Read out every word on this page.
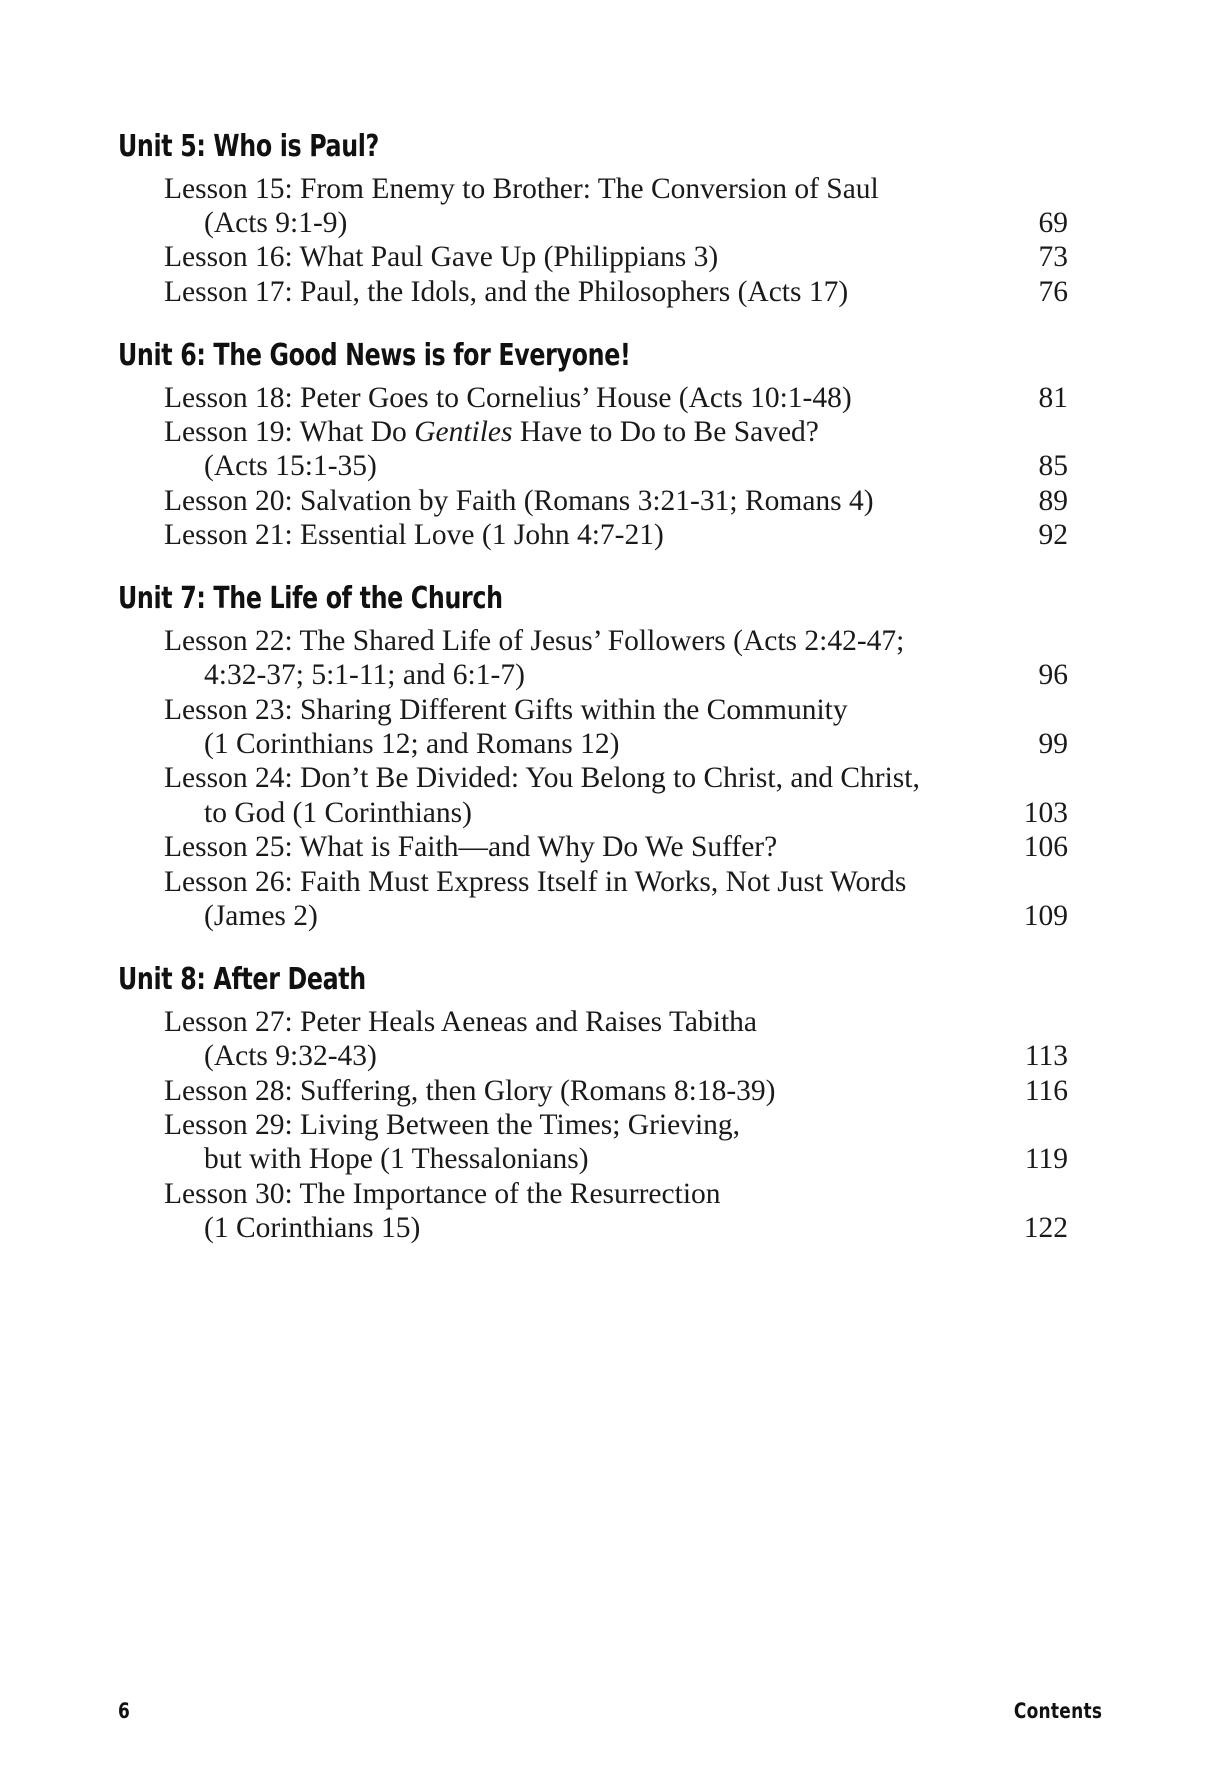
Unit 5: Who is Paul?
Lesson 15: From Enemy to Brother: The Conversion of Saul
(Acts 9:1-9)	69
Lesson 16: What Paul Gave Up (Philippians 3)	73
Lesson 17: Paul, the Idols, and the Philosophers (Acts 17)	76
Unit 6: The Good News is for Everyone!
Lesson 18: Peter Goes to Cornelius’ House (Acts 10:1-48)	81
Lesson 19: What Do Gentiles Have to Do to Be Saved?
(Acts 15:1-35)	85
Lesson 20: Salvation by Faith (Romans 3:21-31; Romans 4)	89
Lesson 21: Essential Love (1 John 4:7-21)	92
Unit 7: The Life of the Church
Lesson 22: The Shared Life of Jesus’ Followers (Acts 2:42-47;
4:32-37; 5:1-11; and 6:1-7)	96
Lesson 23: Sharing Different Gifts within the Community
(1 Corinthians 12; and Romans 12)	99
Lesson 24: Don’t Be Divided: You Belong to Christ, and Christ,
to God (1 Corinthians)	103
Lesson 25: What is Faith—and Why Do We Suffer?	106
Lesson 26: Faith Must Express Itself in Works, Not Just Words
(James 2)	109
Unit 8: After Death
Lesson 27: Peter Heals Aeneas and Raises Tabitha
(Acts 9:32-43)	113
Lesson 28: Suffering, then Glory (Romans 8:18-39)	116
Lesson 29: Living Between the Times; Grieving,
but with Hope (1 Thessalonians)	119
Lesson 30: The Importance of the Resurrection
(1 Corinthians 15)	122
6	Contents
